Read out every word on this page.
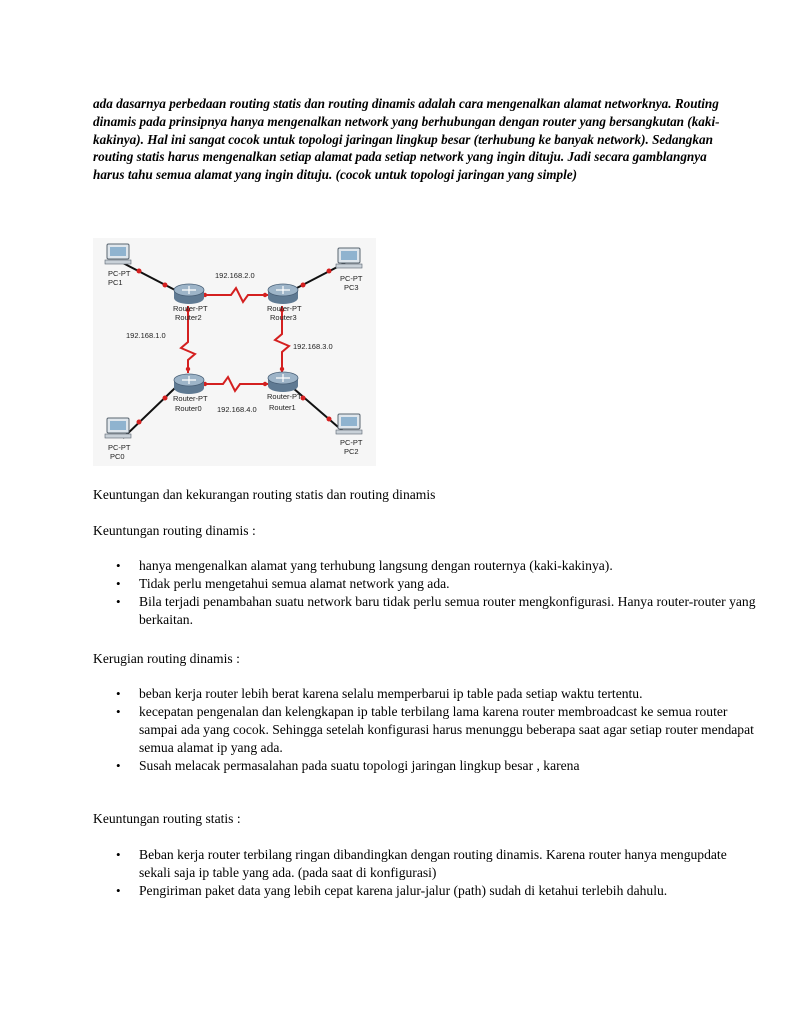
ada dasarnya perbedaan routing statis dan routing dinamis adalah cara mengenalkan alamat networknya. Routing dinamis pada prinsipnya hanya mengenalkan network yang berhubungan dengan router yang bersangkutan (kaki-kakinya). Hal ini sangat cocok untuk topologi jaringan lingkup besar (terhubung ke banyak network). Sedangkan routing statis harus mengenalkan setiap alamat pada setiap network yang ingin dituju. Jadi secara gamblangnya harus tahu semua alamat yang ingin dituju. (cocok untuk topologi jaringan yang simple)

PC-PT
PC1	PC-PT
PC3
PC-PT
PC0
PC-PT
PC2
Router-PT
Router2
Router-PT
Router3
Router-PT
Router0
Router-PT
Router1
192.168.2.0
192.168.1.0
192.168.3.0
192.168.4.0

Keuntungan dan kekurangan routing statis dan routing dinamis

Keuntungan routing dinamis :

• hanya mengenalkan alamat yang terhubung langsung dengan routernya (kaki-kakinya).
• Tidak perlu mengetahui semua alamat network yang ada.
• Bila terjadi penambahan suatu network baru tidak perlu semua router mengkonfigurasi. Hanya router-router yang berkaitan.

Kerugian routing dinamis :

• beban kerja router lebih berat karena selalu memperbarui ip table pada setiap waktu tertentu.
• kecepatan pengenalan dan kelengkapan ip table terbilang lama karena router membroadcast ke semua router sampai ada yang cocok. Sehingga setelah konfigurasi harus menunggu beberapa saat agar setiap router mendapat semua alamat ip yang ada.
• Susah melacak permasalahan pada suatu topologi jaringan lingkup besar , karena

Keuntungan routing statis :

• Beban kerja router terbilang ringan dibandingkan dengan routing dinamis. Karena router hanya mengupdate sekali saja ip table yang ada. (pada saat di konfigurasi)
• Pengiriman paket data yang lebih cepat karena jalur-jalur (path) sudah di ketahui terlebih dahulu.
